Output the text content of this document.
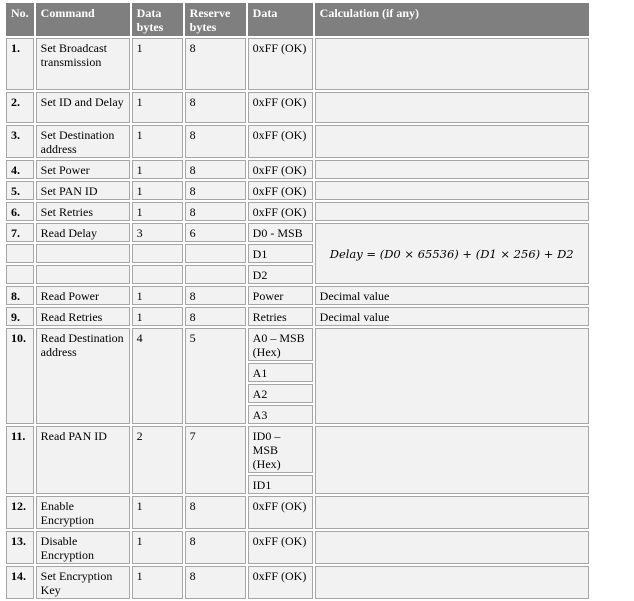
No.	Command	Data bytes	Reserve bytes	Data	Calculation (if any)
1.	Set Broadcast transmission	1	8	0xFF (OK)	
2.	Set ID and Delay	1	8	0xFF (OK)	
3.	Set Destination address	1	8	0xFF (OK)	
4.	Set Power	1	8	0xFF (OK)	
5.	Set PAN ID	1	8	0xFF (OK)	
6.	Set Retries	1	8	0xFF (OK)	
7.	Read Delay	3	6	D0 - MSB	Delay = (D0 × 65536) + (D1 × 256) + D2
				D1	
				D2	
8.	Read Power	1	8	Power	Decimal value
9.	Read Retries	1	8	Retries	Decimal value
10.	Read Destination address	4	5	A0 – MSB (Hex)	
				A1	
				A2	
				A3	
11.	Read PAN ID	2	7	ID0 – MSB (Hex)	
				ID1	
12.	Enable Encryption	1	8	0xFF (OK)	
13.	Disable Encryption	1	8	0xFF (OK)	
14.	Set Encryption Key	1	8	0xFF (OK)	
